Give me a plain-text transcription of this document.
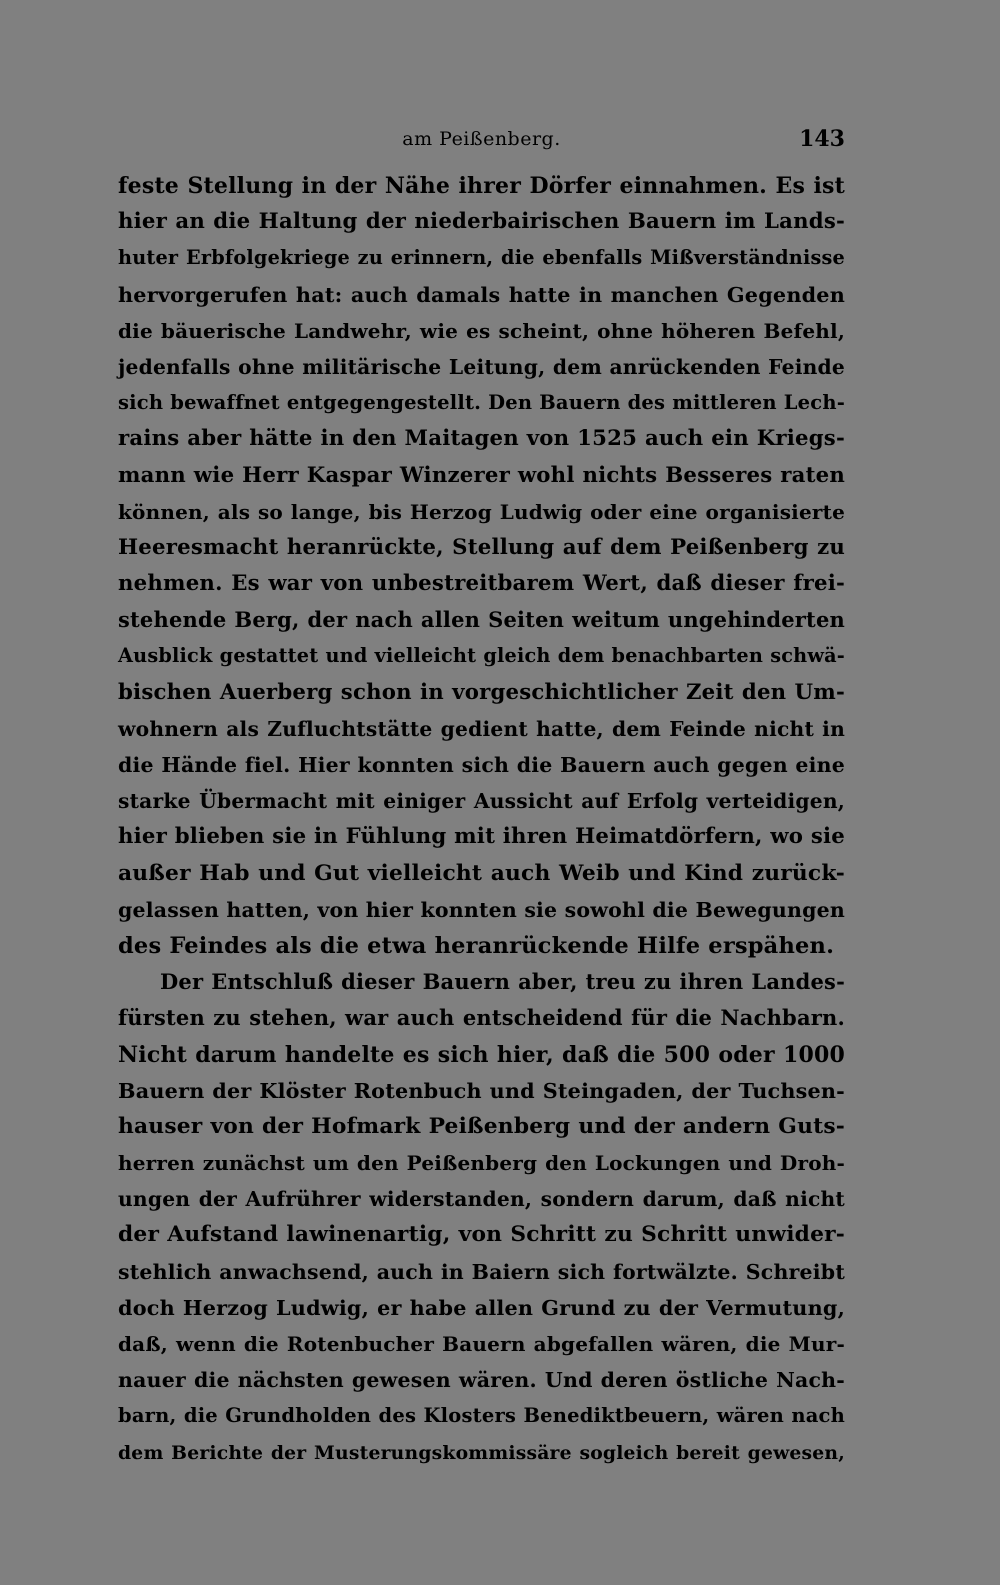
am Peißenberg.	143
feste Stellung in der Nähe ihrer Dörfer einnahmen. Es ist
hier an die Haltung der niederbairischen Bauern im Lands-
huter Erbfolgekriege zu erinnern, die ebenfalls Mißverständnisse
hervorgerufen hat: auch damals hatte in manchen Gegenden
die bäuerische Landwehr, wie es scheint, ohne höheren Befehl,
jedenfalls ohne militärische Leitung, dem anrückenden Feinde
sich bewaffnet entgegengestellt. Den Bauern des mittleren Lech-
rains aber hätte in den Maitagen von 1525 auch ein Kriegs-
mann wie Herr Kaspar Winzerer wohl nichts Besseres raten
können, als so lange, bis Herzog Ludwig oder eine organisierte
Heeresmacht heranrückte, Stellung auf dem Peißenberg zu
nehmen. Es war von unbestreitbarem Wert, daß dieser frei-
stehende Berg, der nach allen Seiten weitum ungehinderten
Ausblick gestattet und vielleicht gleich dem benachbarten schwä-
bischen Auerberg schon in vorgeschichtlicher Zeit den Um-
wohnern als Zufluchtstätte gedient hatte, dem Feinde nicht in
die Hände fiel. Hier konnten sich die Bauern auch gegen eine
starke Übermacht mit einiger Aussicht auf Erfolg verteidigen,
hier blieben sie in Fühlung mit ihren Heimatdörfern, wo sie
außer Hab und Gut vielleicht auch Weib und Kind zurück-
gelassen hatten, von hier konnten sie sowohl die Bewegungen
des Feindes als die etwa heranrückende Hilfe erspähen.
Der Entschluß dieser Bauern aber, treu zu ihren Landes-
fürsten zu stehen, war auch entscheidend für die Nachbarn.
Nicht darum handelte es sich hier, daß die 500 oder 1000
Bauern der Klöster Rotenbuch und Steingaden, der Tuchsen-
hauser von der Hofmark Peißenberg und der andern Guts-
herren zunächst um den Peißenberg den Lockungen und Droh-
ungen der Aufrührer widerstanden, sondern darum, daß nicht
der Aufstand lawinenartig, von Schritt zu Schritt unwider-
stehlich anwachsend, auch in Baiern sich fortwälzte. Schreibt
doch Herzog Ludwig, er habe allen Grund zu der Vermutung,
daß, wenn die Rotenbucher Bauern abgefallen wären, die Mur-
nauer die nächsten gewesen wären. Und deren östliche Nach-
barn, die Grundholden des Klosters Benediktbeuern, wären nach
dem Berichte der Musterungskommissäre sogleich bereit gewesen,
